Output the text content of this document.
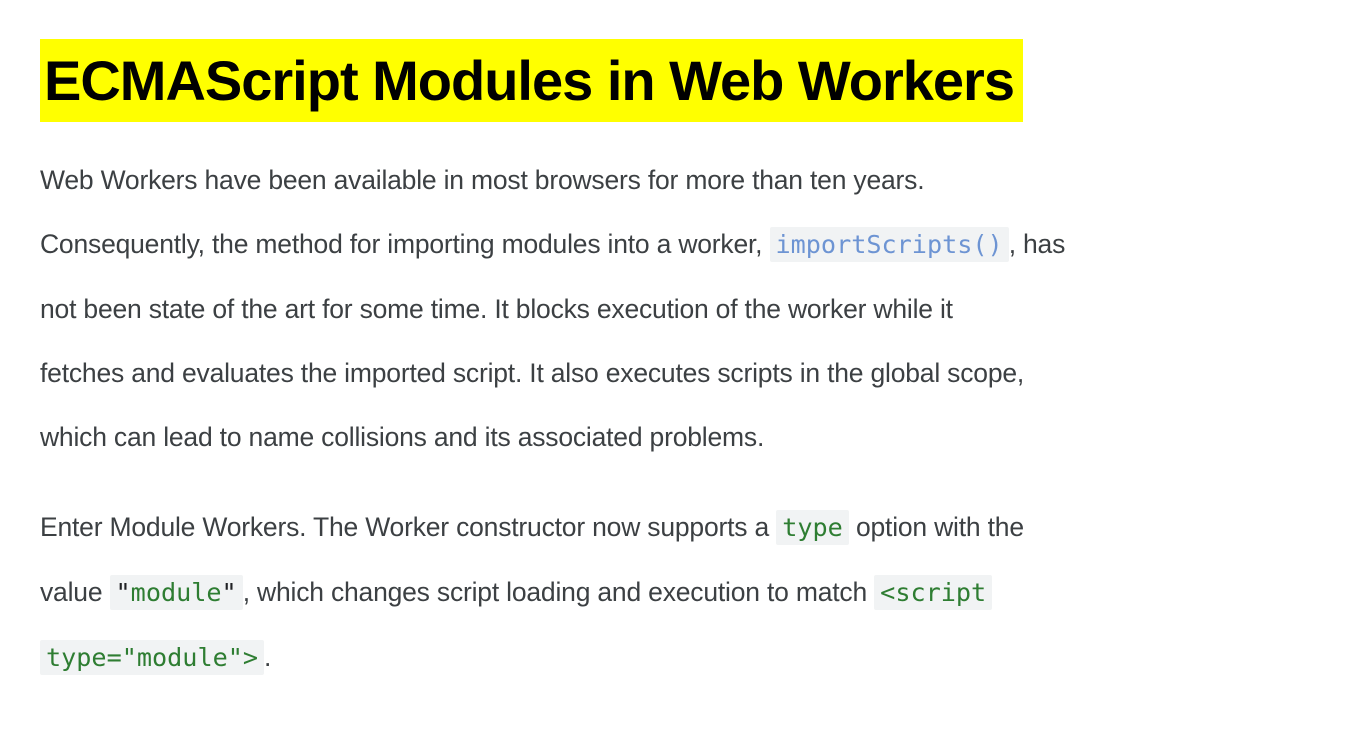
ECMAScript Modules in Web Workers

Web Workers have been available in most browsers for more than ten years.
Consequently, the method for importing modules into a worker, importScripts() , has
not been state of the art for some time. It blocks execution of the worker while it
fetches and evaluates the imported script. It also executes scripts in the global scope,
which can lead to name collisions and its associated problems.

Enter Module Workers. The Worker constructor now supports a type option with the
value "module" , which changes script loading and execution to match <script
type="module"> .
